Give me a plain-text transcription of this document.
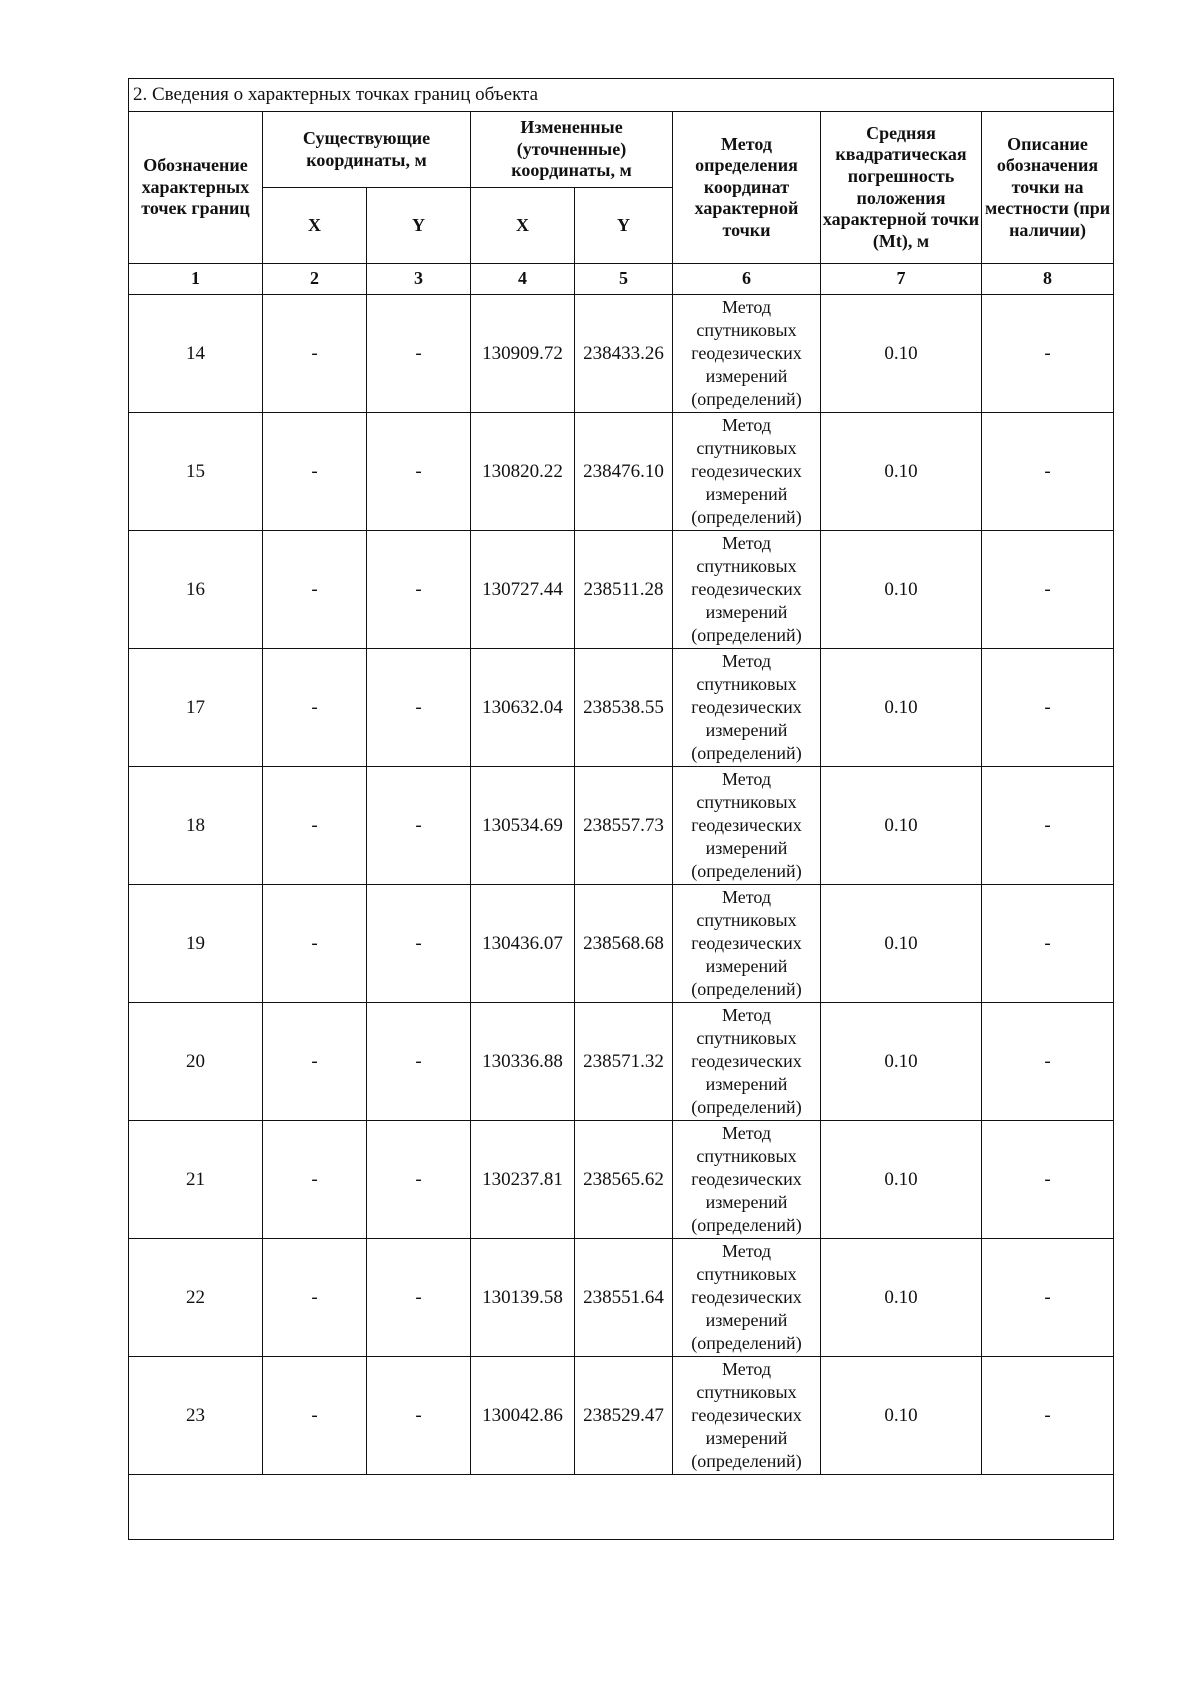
2. Сведения о характерных точках границ объекта							
Обозначение характерных точек границ	Существующие координаты, м		Измененные (уточненные) координаты, м		Метод определения координат характерной точки	Средняя квадратическая погрешность положения характерной точки (Mt), м	Описание обозначения точки на местности (при наличии)
	X	Y	X	Y			
1	2	3	4	5	6	7	8
14	-	-	130909.72	238433.26	Метод спутниковых геодезических измерений (определений)	0.10	-
15	-	-	130820.22	238476.10	Метод спутниковых геодезических измерений (определений)	0.10	-
16	-	-	130727.44	238511.28	Метод спутниковых геодезических измерений (определений)	0.10	-
17	-	-	130632.04	238538.55	Метод спутниковых геодезических измерений (определений)	0.10	-
18	-	-	130534.69	238557.73	Метод спутниковых геодезических измерений (определений)	0.10	-
19	-	-	130436.07	238568.68	Метод спутниковых геодезических измерений (определений)	0.10	-
20	-	-	130336.88	238571.32	Метод спутниковых геодезических измерений (определений)	0.10	-
21	-	-	130237.81	238565.62	Метод спутниковых геодезических измерений (определений)	0.10	-
22	-	-	130139.58	238551.64	Метод спутниковых геодезических измерений (определений)	0.10	-
23	-	-	130042.86	238529.47	Метод спутниковых геодезических измерений (определений)	0.10	-
